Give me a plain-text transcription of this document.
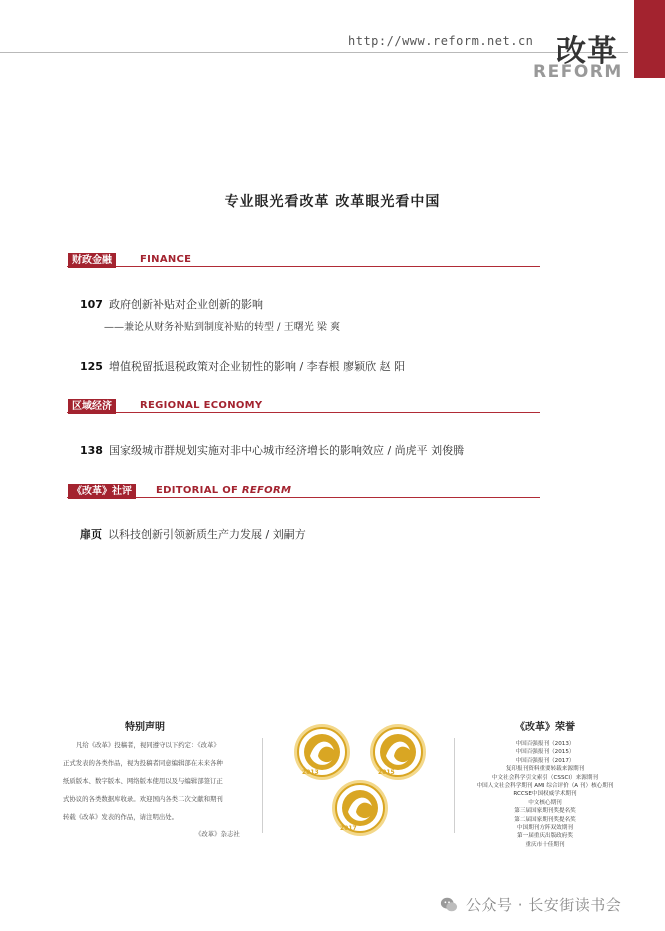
http://www.reform.net.cn 改革
REFORM
专业眼光看改革 改革眼光看中国
财政金融	FINANCE
107 政府创新补贴对企业创新的影响
——兼论从财务补贴到制度补贴的转型 / 王曙光 梁 爽
125 增值税留抵退税政策对企业韧性的影响 / 李春根 廖颖欣 赵 阳
区域经济	REGIONAL ECONOMY
138 国家级城市群规划实施对非中心城市经济增长的影响效应 / 尚虎平 刘俊腾
《改革》社评	EDITORIAL OF REFORM
扉页 以科技创新引领新质生产力发展 / 刘嗣方
特别声明
凡给《改革》投稿者，视同遵守以下约定：《改革》
正式发表的各类作品，视为投稿者同意编辑部在未来各种
纸质版本、数字版本、网络版本使用以及与编辑部签订正
式协议的各类数据库收录。欢迎国内各类二次文献和期刊
转载《改革》发表的作品，请注明出处。
《改革》杂志社
2013	2015
2017
《改革》荣誉
中国百强报刊（2013）
中国百强报刊（2015）
中国百强报刊（2017）
复印报刊资料重要转载来源期刊
中文社会科学引文索引（CSSCI）来源期刊
中国人文社会科学期刊 AMI 综合评价（A 刊）核心期刊
RCCSE中国权威学术期刊
中文核心期刊
第三届国家期刊奖提名奖
第二届国家期刊奖提名奖
中国期刊方阵双效期刊
第一届重庆出版政府奖
重庆市十佳期刊
公众号 · 长安街读书会
